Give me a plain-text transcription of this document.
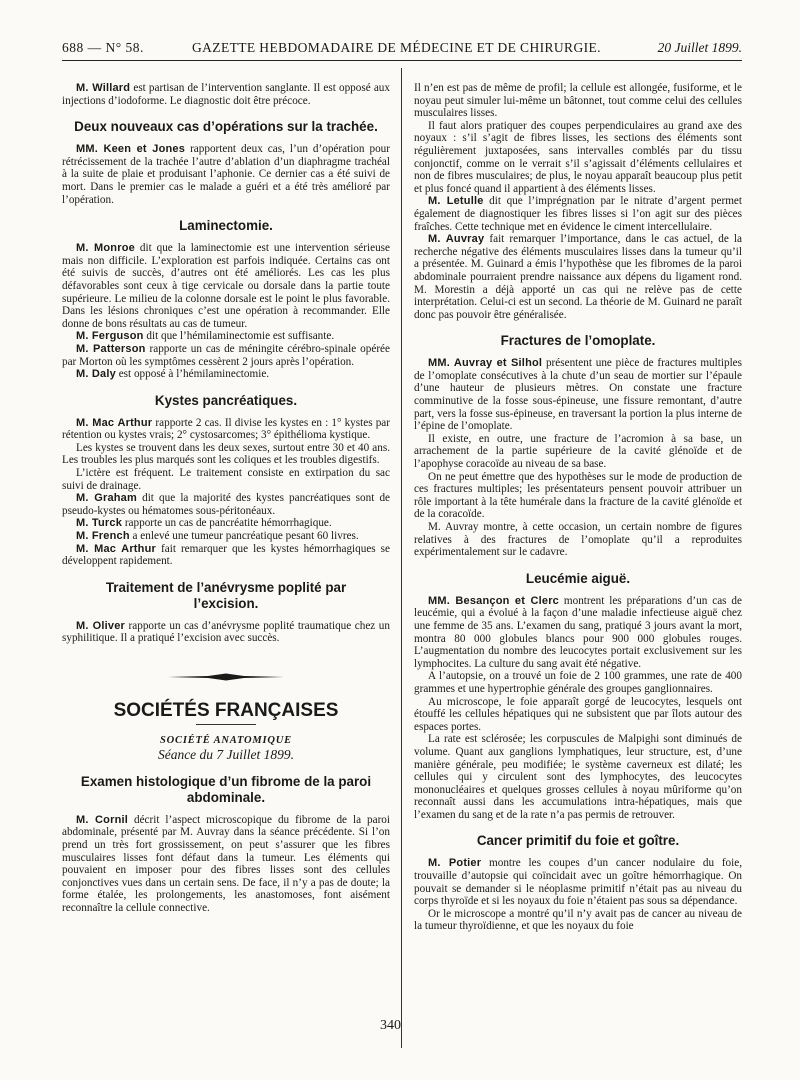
688 — N° 58.	GAZETTE HEBDOMADAIRE DE MÉDECINE ET DE CHIRURGIE.	20 Juillet 1899.

M. Willard est partisan de l’intervention sanglante. Il est opposé aux injections d’iodoforme. Le diagnostic doit être précoce.

Deux nouveaux cas d’opérations sur la trachée.

MM. Keen et Jones rapportent deux cas, l’un d’opération pour rétrécissement de la trachée l’autre d’ablation d’un diaphragme trachéal à la suite de plaie et produisant l’aphonie. Ce dernier cas a été suivi de mort. Dans le premier cas le malade a guéri et a été très amélioré par l’opération.

Laminectomie.

M. Monroe dit que la laminectomie est une intervention sérieuse mais non difficile. L’exploration est parfois indiquée. Certains cas ont été suivis de succès, d’autres ont été améliorés. Les cas les plus défavorables sont ceux à tige cervicale ou dorsale dans la partie toute supérieure. Le milieu de la colonne dorsale est le point le plus favorable. Dans les lésions chroniques c’est une opération à recommander. Elle donne de bons résultats au cas de tumeur.

M. Ferguson dit que l’hémilaminectomie est suffisante.

M. Patterson rapporte un cas de méningite cérébro-spinale opérée par Morton où les symptômes cessèrent 2 jours après l’opération.

M. Daly est opposé à l’hémilaminectomie.

Kystes pancréatiques.

M. Mac Arthur rapporte 2 cas. Il divise les kystes en : 1° kystes par rétention ou kystes vrais; 2° cystosarcomes; 3° épithélioma kystique.

Les kystes se trouvent dans les deux sexes, surtout entre 30 et 40 ans. Les troubles les plus marqués sont les coliques et les troubles digestifs.

L’ictère est fréquent. Le traitement consiste en extirpation du sac suivi de drainage.

M. Graham dit que la majorité des kystes pancréatiques sont de pseudo-kystes ou hématomes sous-péritonéaux.

M. Turck rapporte un cas de pancréatite hémorrhagique.

M. French a enlevé une tumeur pancréatique pesant 60 livres.

M. Mac Arthur fait remarquer que les kystes hémorrhagiques se développent rapidement.

Traitement de l’anévrysme poplité par l’excision.

M. Oliver rapporte un cas d’anévrysme poplité traumatique chez un syphilitique. Il a pratiqué l’excision avec succès.

SOCIÉTÉS FRANÇAISES
SOCIÉTÉ ANATOMIQUE
Séance du 7 Juillet 1899.
Examen histologique d’un fibrome de la paroi abdominale.

M. Cornil décrit l’aspect microscopique du fibrome de la paroi abdominale, présenté par M. Auvray dans la séance précédente. Si l’on prend un très fort grossissement, on peut s’assurer que les fibres musculaires lisses font défaut dans la tumeur. Les éléments qui pouvaient en imposer pour des fibres lisses sont des cellules conjonctives vues dans un certain sens. De face, il n’y a pas de doute; la forme étalée, les prolongements, les anastomoses, font aisément reconnaître la cellule connective.

Il n’en est pas de même de profil; la cellule est allongée, fusiforme, et le noyau peut simuler lui-même un bâtonnet, tout comme celui des cellules musculaires lisses.

Il faut alors pratiquer des coupes perpendiculaires au grand axe des noyaux : s’il s’agit de fibres lisses, les sections des éléments sont régulièrement juxtaposées, sans intervalles comblés par du tissu conjonctif, comme on le verrait s’il s’agissait d’éléments cellulaires et non de fibres musculaires; de plus, le noyau apparaît beaucoup plus petit et plus foncé quand il appartient à des éléments lisses.

M. Letulle dit que l’imprégnation par le nitrate d’argent permet également de diagnostiquer les fibres lisses si l’on agit sur des pièces fraîches. Cette technique met en évidence le ciment intercellulaire.

M. Auvray fait remarquer l’importance, dans le cas actuel, de la recherche négative des éléments musculaires lisses dans la tumeur qu’il a présentée. M. Guinard a émis l’hypothèse que les fibromes de la paroi abdominale pourraient prendre naissance aux dépens du ligament rond. M. Morestin a déjà apporté un cas qui ne relève pas de cette interprétation. Celui-ci est un second. La théorie de M. Guinard ne paraît donc pas pouvoir être généralisée.

Fractures de l’omoplate.

MM. Auvray et Silhol présentent une pièce de fractures multiples de l’omoplate consécutives à la chute d’un seau de mortier sur l’épaule d’une hauteur de plusieurs mètres. On constate une fracture comminutive de la fosse sous-épineuse, une fissure remontant, d’autre part, vers la fosse sus-épineuse, en traversant la portion la plus interne de l’épine de l’omoplate.

Il existe, en outre, une fracture de l’acromion à sa base, un arrachement de la partie supérieure de la cavité glénoïde et de l’apophyse coracoïde au niveau de sa base.

On ne peut émettre que des hypothèses sur le mode de production de ces fractures multiples; les présentateurs pensent pouvoir attribuer un rôle important à la tête humérale dans la fracture de la cavité glénoïde et de la coracoïde.

M. Auvray montre, à cette occasion, un certain nombre de figures relatives à des fractures de l’omoplate qu’il a reproduites expérimentalement sur le cadavre.

Leucémie aiguë.

MM. Besançon et Clerc montrent les préparations d’un cas de leucémie, qui a évolué à la façon d’une maladie infectieuse aiguë chez une femme de 35 ans. L’examen du sang, pratiqué 3 jours avant la mort, montra 80 000 globules blancs pour 900 000 globules rouges. L’augmentation du nombre des leucocytes portait exclusivement sur les lymphocites. La culture du sang avait été négative.

A l’autopsie, on a trouvé un foie de 2 100 grammes, une rate de 400 grammes et une hypertrophie générale des groupes ganglionnaires.

Au microscope, le foie apparaît gorgé de leucocytes, lesquels ont étouffé les cellules hépatiques qui ne subsistent que par îlots autour des espaces portes.

La rate est sclérosée; les corpuscules de Malpighi sont diminués de volume. Quant aux ganglions lymphatiques, leur structure, est, d’une manière générale, peu modifiée; le système caverneux est dilaté; les cellules qui y circulent sont des lymphocytes, des leucocytes mononucléaires et quelques grosses cellules à noyau mûriforme qu’on reconnaît aussi dans les accumulations intra-hépatiques, mais que l’examen du sang et de la rate n’a pas permis de retrouver.

Cancer primitif du foie et goître.

M. Potier montre les coupes d’un cancer nodulaire du foie, trouvaille d’autopsie qui coïncidait avec un goître hémorrhagique. On pouvait se demander si le néoplasme primitif n’était pas au niveau du corps thyroïde et si les noyaux du foie n’étaient pas sous sa dépendance.

Or le microscope a montré qu’il n’y avait pas de cancer au niveau de la tumeur thyroïdienne, et que les noyaux du foie

340
